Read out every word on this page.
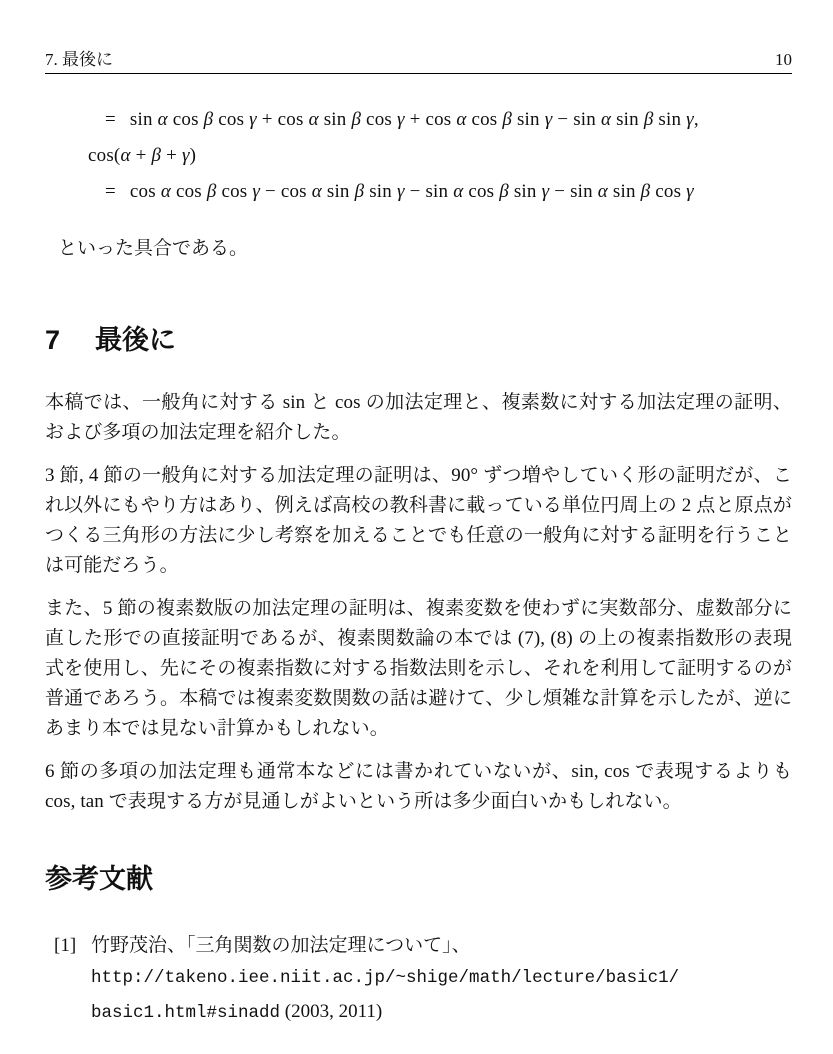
7. 最後に	10
= sin α cos β cos γ + cos α sin β cos γ + cos α cos β sin γ − sin α sin β sin γ,
cos(α + β + γ)
= cos α cos β cos γ − cos α sin β sin γ − sin α cos β sin γ − sin α sin β cos γ

といった具合である。

7	最後に

本稿では、一般角に対する sin と cos の加法定理と、複素数に対する加法定理の証明、および多項の加法定理を紹介した。

3 節, 4 節の一般角に対する加法定理の証明は、90° ずつ増やしていく形の証明だが、これ以外にもやり方はあり、例えば高校の教科書に載っている単位円周上の 2 点と原点がつくる三角形の方法に少し考察を加えることでも任意の一般角に対する証明を行うことは可能だろう。

また、5 節の複素数版の加法定理の証明は、複素変数を使わずに実数部分、虚数部分に直した形での直接証明であるが、複素関数論の本では (7), (8) の上の複素指数形の表現式を使用し、先にその複素指数に対する指数法則を示し、それを利用して証明するのが普通であろう。本稿では複素変数関数の話は避けて、少し煩雑な計算を示したが、逆にあまり本では見ない計算かもしれない。

6 節の多項の加法定理も通常本などには書かれていないが、sin, cos で表現するよりも cos, tan で表現する方が見通しがよいという所は多少面白いかもしれない。

参考文献
[1] 竹野茂治、「三角関数の加法定理について」、
http://takeno.iee.niit.ac.jp/~shige/math/lecture/basic1/
basic1.html#sinadd (2003, 2011)
